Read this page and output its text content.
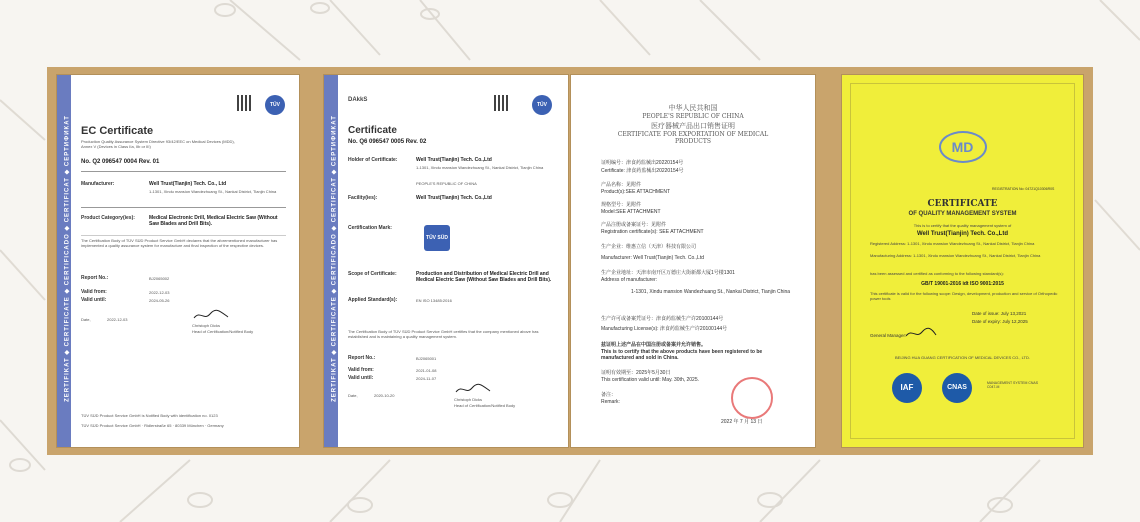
ZERTIFIKAT ◆ CERTIFICATE ◆ CERTIFICADO ◆ CERTIFICAT ◆ СЕРТИФИКАТ
TÜV SÜD
EC Certificate
Production Quality Assurance System Directive 93/42/EEC on Medical Devices (MDD), Annex V (Devices in Class IIa, IIb or III)
No. Q2 096547 0004 Rev. 01
Manufacturer:	Well Trust(Tianjin) Tech. Co., Ltd
1-1301, Xindu mansion Wandezhuang St., Nankai District, Tianjin China
Product Category(ies):	Medical Electronic Drill, Medical Electric Saw (Without Saw Blades and Drill Bits).
The Certification Body of TÜV SÜD Product Service GmbH declares that the aforementioned manufacturer has implemented a quality assurance system for manufacture and final inspection of the respective devices.
Report No.:	BJ2065002
Valid from:	2022-12-03
Valid until:	2024-05-26
Date,	2022-12-03
Christoph Dicks
Head of Certification/Notified Body
TÜV SÜD Product Service GmbH is Notified Body with identification no. 0123
TÜV SÜD Product Service GmbH · Ridlerstraße 65 · 80339 München · Germany
ZERTIFIKAT ◆ CERTIFICATE ◆ CERTIFICADO ◆ CERTIFICAT ◆ СЕРТИФИКАТ
DAkkS
TÜV SÜD
Certificate
No. Q6 096547 0005 Rev. 02
Holder of Certificate:	Well Trust(Tianjin) Tech. Co.,Ltd
1-1301, Xindu mansion Wandezhuang St., Nankai District, Tianjin China
PEOPLE'S REPUBLIC OF CHINA
Facility(ies):	Well Trust(Tianjin) Tech. Co.,Ltd
Certification Mark:
TÜV SÜD
Scope of Certificate:	Production and Distribution of Medical Electric Drill and Medical Electric Saw (Without Saw Blades and Drill Bits).
Applied Standard(s):	EN ISO 13485:2016
The Certification Body of TÜV SÜD Product Service GmbH certifies that the company mentioned above has established and is maintaining a quality management system.
Report No.:	BJ2065001
Valid from:	2021-01-08
Valid until:	2024-11-07
Date,	2020-10-20
Christoph Dicks
Head of Certification/Notified Body
中华人民共和国
PEOPLE'S REPUBLIC OF CHINA
医疗器械产品出口销售证明
CERTIFICATE FOR EXPORTATION OF MEDICAL PRODUCTS
证明编号：津食药监械出20220154号
Certificate: 津食药监械出20220154号
产品名称：见附件
Product(s):SEE ATTACHMENT
规格型号：见附件
Model:SEE ATTACHMENT
产品注册或备案证号：见附件
Registration certificate(s): SEE ATTACHMENT
生产企业：维惠立信（天津）科技有限公司
Manufacturer: Well Trust(Tianjin) Tech. Co.,Ltd
生产企业地址：天津市南开区万德庄大街新都大厦1号楼1301
Address of manufacturer:
1-1301, Xindu mansion Wandezhuang St., Nankai District, Tianjin China
生产许可或备案凭证号：津食药监械生产许20100144号
Manufacturing License(s): 津食药监械生产许20100144号
兹证明上述产品在中国注册或备案并允许销售。
This is to certify that the above products have been registered to be manufactured and sold in China.
证明有效期至：2025年5月30日
This certification valid until: May. 30th, 2025.
备注：
Remark:
2022 年 7 月 13 日
MD
REGISTRATION No: 04721Q10306R0S
CERTIFICATE
OF QUALITY MANAGEMENT SYSTEM
This is to certify that the quality management system of
Well Trust(Tianjin) Tech. Co.,Ltd
Registered Address: 1-1301, Xindu mansion Wandezhuang St., Nankai District, Tianjin China
Manufacturing Address: 1-1301, Xindu mansion Wandezhuang St., Nankai District, Tianjin China
has been assessed and certified as conforming to the following standard(s):
GB/T 19001-2016 idt ISO 9001:2015
This certificate is valid for the following scope: Design, development, production and service of Orthopedic power tools
Date of issue: July 13,2021
Date of expiry: July 12,2025
General Manager:
BEIJING HUA GUANG CERTIFICATION OF MEDICAL DEVICES CO., LTD.
IAF	CNAS
MANAGEMENT SYSTEM CNAS C047-M
